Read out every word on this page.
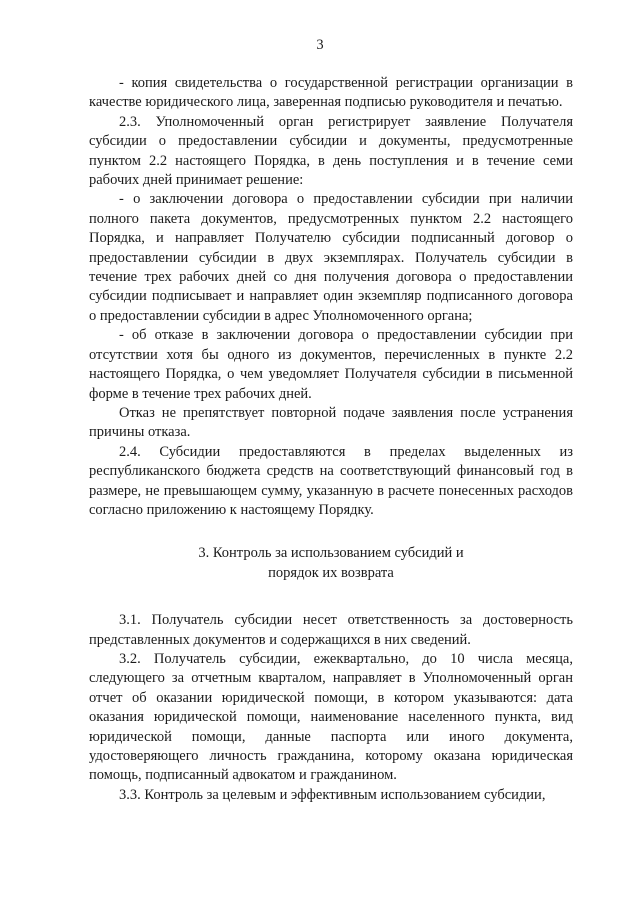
3

- копия свидетельства о государственной регистрации организации в качестве юридического лица, заверенная подписью руководителя и печатью.

2.3. Уполномоченный орган регистрирует заявление Получателя субсидии о предоставлении субсидии и документы, предусмотренные пунктом 2.2 настоящего Порядка, в день поступления и в течение семи рабочих дней принимает решение:

- о заключении договора о предоставлении субсидии при наличии полного пакета документов, предусмотренных пунктом 2.2 настоящего Порядка, и направляет Получателю субсидии подписанный договор о предоставлении субсидии в двух экземплярах. Получатель субсидии в течение трех рабочих дней со дня получения договора о предоставлении субсидии подписывает и направляет один экземпляр подписанного договора о предоставлении субсидии в адрес Уполномоченного органа;

- об отказе в заключении договора о предоставлении субсидии при отсутствии хотя бы одного из документов, перечисленных в пункте 2.2 настоящего Порядка, о чем уведомляет Получателя субсидии в письменной форме в течение трех рабочих дней.

Отказ не препятствует повторной подаче заявления после устранения причины отказа.

2.4. Субсидии предоставляются в пределах выделенных из республиканского бюджета средств на соответствующий финансовый год в размере, не превышающем сумму, указанную в расчете понесенных расходов согласно приложению к настоящему Порядку.

3. Контроль за использованием субсидий и
порядок их возврата

3.1. Получатель субсидии несет ответственность за достоверность представленных документов и содержащихся в них сведений.

3.2. Получатель субсидии, ежеквартально, до 10 числа месяца, следующего за отчетным кварталом, направляет в Уполномоченный орган отчет об оказании юридической помощи, в котором указываются: дата оказания юридической помощи, наименование населенного пункта, вид юридической помощи, данные паспорта или иного документа, удостоверяющего личность гражданина, которому оказана юридическая помощь, подписанный адвокатом и гражданином.

3.3. Контроль за целевым и эффективным использованием субсидии,
